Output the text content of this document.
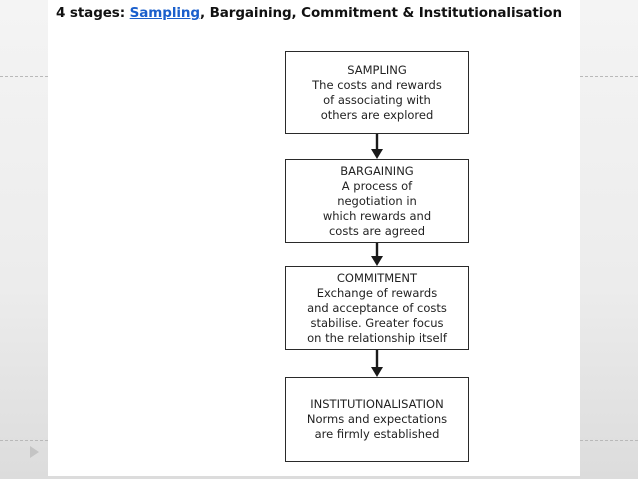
4 stages: Sampling, Bargaining, Commitment & Institutionalisation
SAMPLING
The costs and rewards
of associating with
others are explored
BARGAINING
A process of
negotiation in
which rewards and
costs are agreed
COMMITMENT
Exchange of rewards
and acceptance of costs
stabilise. Greater focus
on the relationship itself
INSTITUTIONALISATION
Norms and expectations
are firmly established
